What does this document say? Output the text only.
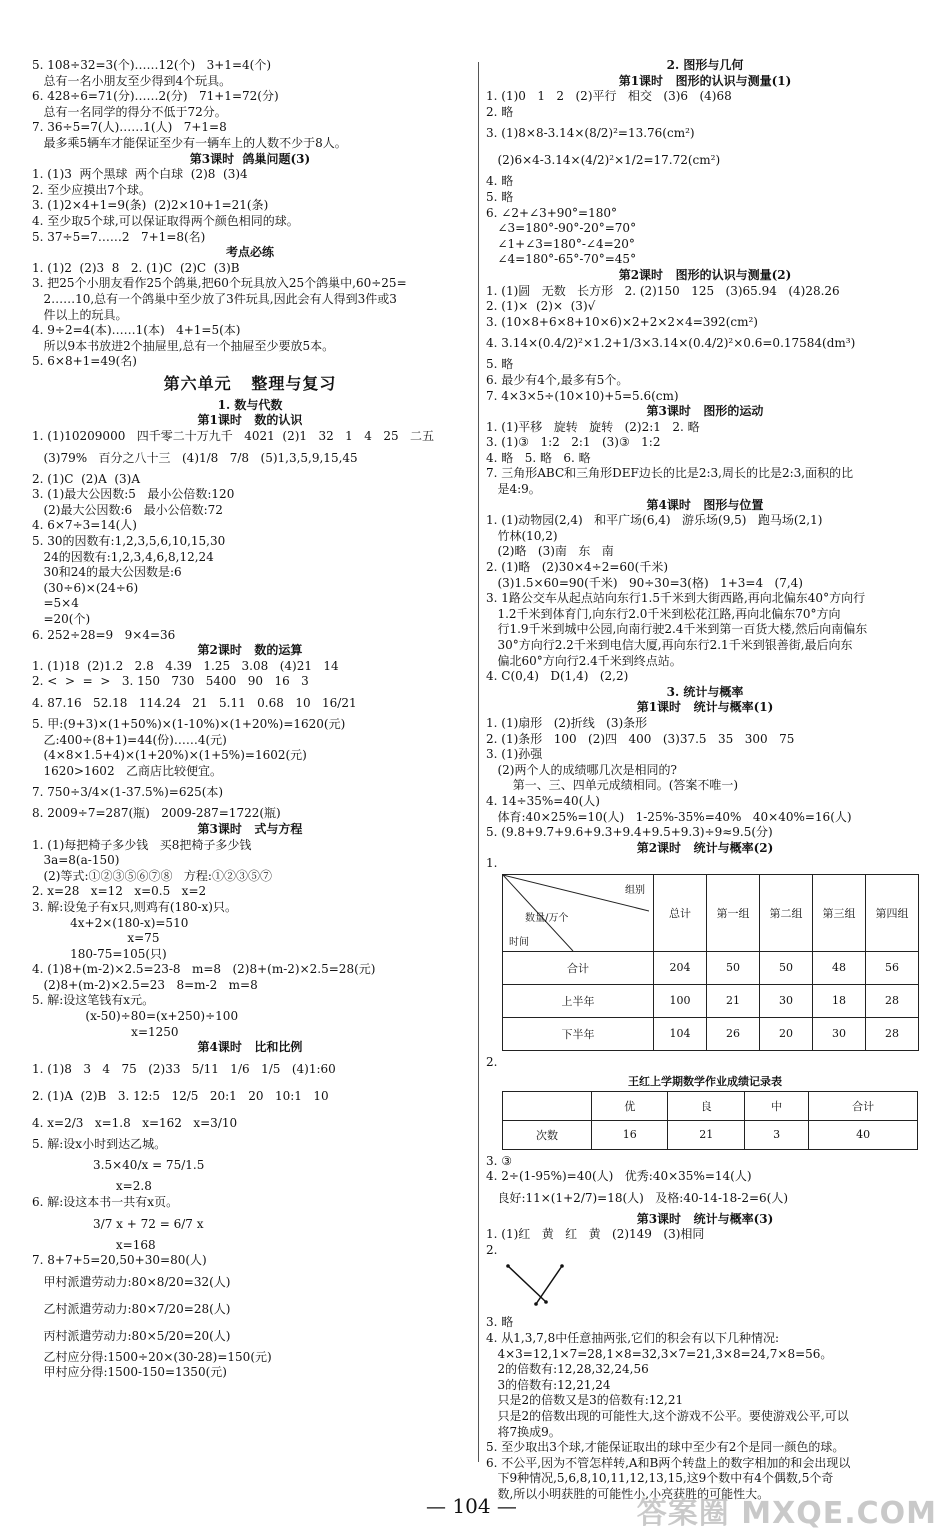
5. 108÷32=3(个)……12(个)   3+1=4(个)
总有一名小朋友至少得到4个玩具。
6. 428÷6=71(分)……2(分)   71+1=72(分)
总有一名同学的得分不低于72分。
7. 36÷5=7(人)……1(人)   7+1=8
最多乘5辆车才能保证至少有一辆车上的人数不少于8人。
第3课时  鸽巢问题(3)
1. (1)3  两个黑球  两个白球  (2)8  (3)4
2. 至少应摸出7个球。
3. (1)2×4+1=9(条)  (2)2×10+1=21(条)
4. 至少取5个球,可以保证取得两个颜色相同的球。
5. 37÷5=7……2   7+1=8(名)
考点必练
1. (1)2  (2)3  8   2. (1)C  (2)C  (3)B
3. 把25个小朋友看作25个鸽巢,把60个玩具放入25个鸽巢中,60÷25=
2……10,总有一个鸽巢中至少放了3件玩具,因此会有人得到3件或3
件以上的玩具。
4. 9÷2=4(本)……1(本)   4+1=5(本)
所以9本书放进2个抽屉里,总有一个抽屉至少要放5本。
5. 6×8+1=49(名)
第六单元   整理与复习
1. 数与代数
第1课时   数的认识
1. (1)10209000   四千零二十万九千   4021  (2)1   32   1   4   25   二五
(3)79%   百分之八十三   (4)1/8   7/8   (5)1,3,5,9,15,45
2. (1)C  (2)A  (3)A
3. (1)最大公因数:5   最小公倍数:120
(2)最大公因数:6   最小公倍数:72
4. 6×7÷3=14(人)
5. 30的因数有:1,2,3,5,6,10,15,30
24的因数有:1,2,3,4,6,8,12,24
30和24的最大公因数是:6
(30÷6)×(24÷6)
=5×4
=20(个)
6. 252÷28=9   9×4=36
第2课时   数的运算
1. (1)18  (2)1.2   2.8   4.39   1.25   3.08   (4)21   14
2. <  >  =  >   3. 150   730   5400   90   16   3
4. 87.16   52.18   114.24   21   5.11   0.68   10   16/21
5. 甲:(9+3)×(1+50%)×(1-10%)×(1+20%)=1620(元)
乙:400÷(8+1)=44(份)……4(元)
(4×8×1.5+4)×(1+20%)×(1+5%)=1602(元)
1620>1602   乙商店比较便宜。
7. 750÷3/4×(1-37.5%)=625(本)
8. 2009÷7=287(瓶)   2009-287=1722(瓶)
第3课时   式与方程
1. (1)每把椅子多少钱   买8把椅子多少钱
3a=8(a-150)
(2)等式:①②③⑤⑥⑦⑧   方程:①②③⑤⑦
2. x=28   x=12   x=0.5   x=2
3. 解:设兔子有x只,则鸡有(180-x)只。
4x+2×(180-x)=510
x=75
180-75=105(只)
4. (1)8+(m-2)×2.5=23-8   m=8   (2)8+(m-2)×2.5=28(元)
(2)8+(m-2)×2.5=23   8=m-2   m=8
5. 解:设这笔钱有x元。
(x-50)÷80=(x+250)÷100
x=1250
第4课时   比和比例
1. (1)8   3   4   75   (2)33   5/11   1/6   1/5   (4)1:60
2. (1)A  (2)B   3. 12:5   12/5   20:1   20   10:1   10
4. x=2/3   x=1.8   x=162   x=3/10
5. 解:设x小时到达乙城。
3.5×40/x = 75/1.5
x=2.8
6. 解:设这本书一共有x页。
3/7 x + 72 = 6/7 x
x=168
7. 8+7+5=20,50+30=80(人)
甲村派遣劳动力:80×8/20=32(人)
乙村派遣劳动力:80×7/20=28(人)
丙村派遣劳动力:80×5/20=20(人)
乙村应分得:1500÷20×(30-28)=150(元)
甲村应分得:1500-150=1350(元)
2. 图形与几何
第1课时   图形的认识与测量(1)
1. (1)0   1   2   (2)平行   相交   (3)6   (4)68
2. 略
3. (1)8×8-3.14×(8/2)²=13.76(cm²)
(2)6×4-3.14×(4/2)²×1/2=17.72(cm²)
4. 略
5. 略
6. ∠2+∠3+90°=180°
∠3=180°-90°-20°=70°
∠1+∠3=180°-∠4=20°
∠4=180°-65°-70°=45°
第2课时   图形的认识与测量(2)
1. (1)圆   无数   长方形   2. (2)150   125   (3)65.94   (4)28.26
2. (1)×  (2)×  (3)√
3. (10×8+6×8+10×6)×2+2×2×4=392(cm²)
4. 3.14×(0.4/2)²×1.2+1/3×3.14×(0.4/2)²×0.6=0.17584(dm³)
5. 略
6. 最少有4个,最多有5个。
7. 4×3×5÷(10×10)+5=5.6(cm)
第3课时   图形的运动
1. (1)平移   旋转   旋转   (2)2:1   2. 略
3. (1)③   1:2   2:1   (3)③   1:2
4. 略   5. 略   6. 略
7. 三角形ABC和三角形DEF边长的比是2:3,周长的比是2:3,面积的比
是4:9。
第4课时   图形与位置
1. (1)动物园(2,4)   和平广场(6,4)   游乐场(9,5)   跑马场(2,1)
竹林(10,2)
(2)略   (3)南   东   南
2. (1)略   (2)30×4÷2=60(千米)
(3)1.5×60=90(千米)   90÷30=3(格)   1+3=4   (7,4)
3. 1路公交车从起点站向东行1.5千米到大街西路,再向北偏东40°方向行
1.2千米到体育门,向东行2.0千米到松花江路,再向北偏东70°方向
行1.9千米到城中公园,向南行驶2.4千米到第一百货大楼,然后向南偏东
30°方向行2.2千米到电信大厦,再向东行2.1千米到银善街,最后向东
偏北60°方向行2.4千米到终点站。
4. C(0,4)   D(1,4)   (2,2)
3. 统计与概率
第1课时   统计与概率(1)
1. (1)扇形   (2)折线   (3)条形
2. (1)条形   100   (2)四   400   (3)37.5   35   300   75
3. (1)孙强
(2)两个人的成绩哪几次是相同的?
第一、三、四单元成绩相同。(答案不唯一)
4. 14÷35%=40(人)
体育:40×25%=10(人)   1-25%-35%=40%   40×40%=16(人)
5. (9.8+9.7+9.6+9.3+9.4+9.5+9.3)÷9≈9.5(分)
第2课时   统计与概率(2)
1.
组别
数量/万个
时间	总计	第一组	第二组	第三组	第四组
合计	204	50	50	48	56
上半年	100	21	30	18	28
下半年	104	26	20	30	28
2.
王红上学期数学作业成绩记录表
	优	良	中	合计
次数	16	21	3	40
3. ③
4. 2÷(1-95%)=40(人)   优秀:40×35%=14(人)
良好:11×(1+2/7)=18(人)   及格:40-14-18-2=6(人)
第3课时   统计与概率(3)
1. (1)红   黄   红   黄   (2)149   (3)相同
2.
3. 略
4. 从1,3,7,8中任意抽两张,它们的积会有以下几种情况:
4×3=12,1×7=28,1×8=32,3×7=21,3×8=24,7×8=56。
2的倍数有:12,28,32,24,56
3的倍数有:12,21,24
只是2的倍数又是3的倍数有:12,21
只是2的倍数出现的可能性大,这个游戏不公平。要使游戏公平,可以
将7换成9。
5. 至少取出3个球,才能保证取出的球中至少有2个是同一颜色的球。
6. 不公平,因为不管怎样转,A和B两个转盘上的数字相加的和会出现以
下9种情况,5,6,8,10,11,12,13,15,这9个数中有4个偶数,5个奇
数,所以小明获胜的可能性小,小亮获胜的可能性大。
— 104 —	答案圈 MXQE.COM
